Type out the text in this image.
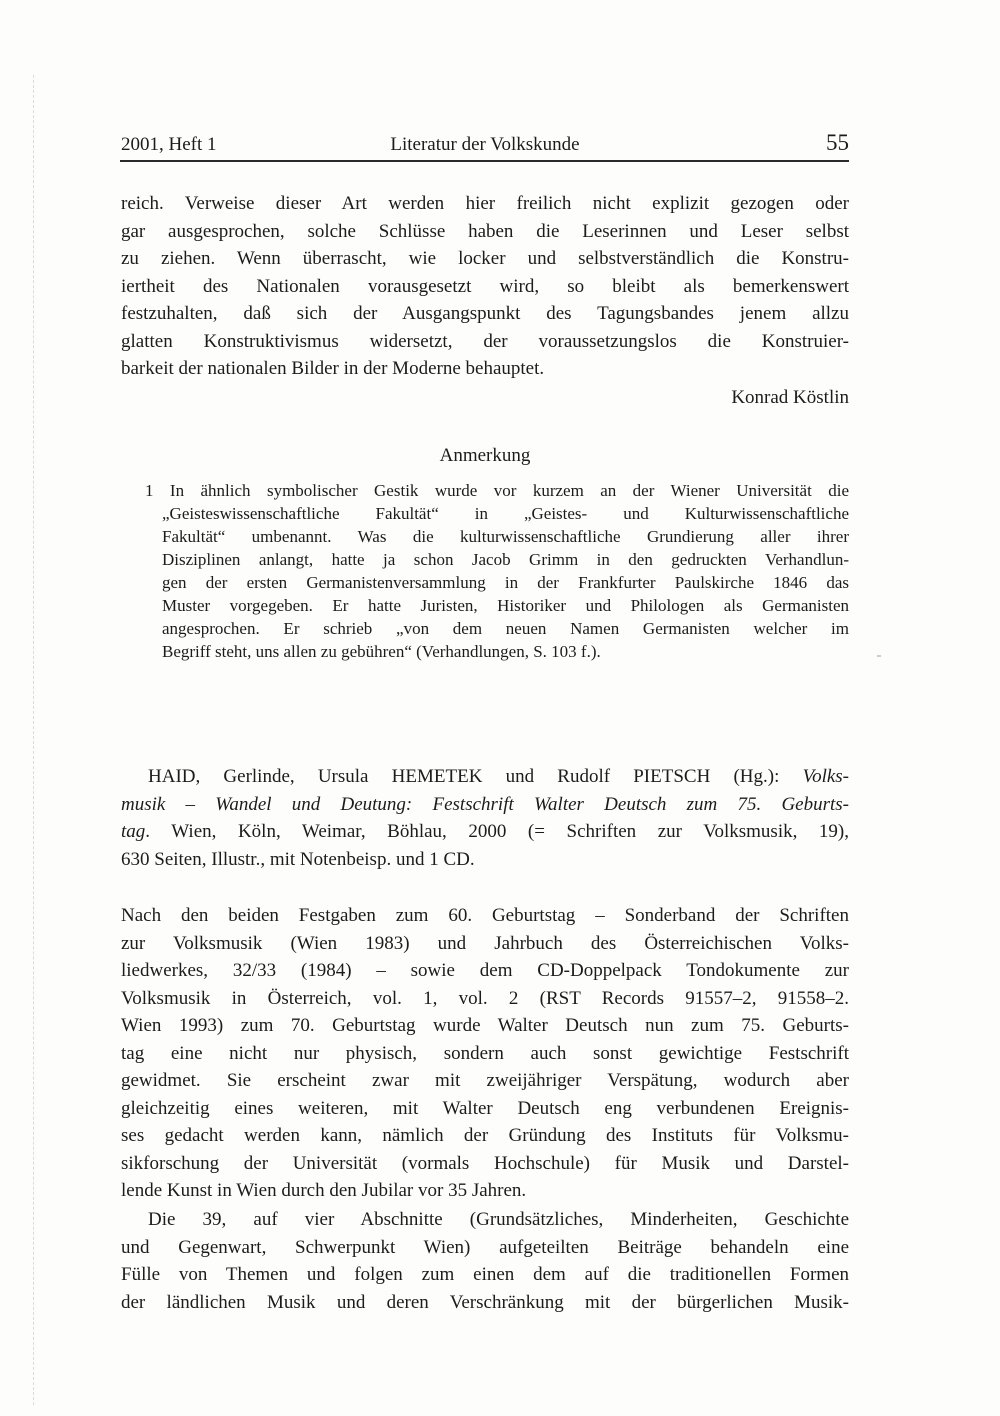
2001, Heft 1	Literatur der Volkskunde	55
reich. Verweise dieser Art werden hier freilich nicht explizit gezogen oder
gar ausgesprochen, solche Schlüsse haben die Leserinnen und Leser selbst
zu ziehen. Wenn überrascht, wie locker und selbstverständlich die Konstru-
iertheit des Nationalen vorausgesetzt wird, so bleibt als bemerkenswert
festzuhalten, daß sich der Ausgangspunkt des Tagungsbandes jenem allzu
glatten Konstruktivismus widersetzt, der voraussetzungslos die Konstruier-
barkeit der nationalen Bilder in der Moderne behauptet.
Konrad Köstlin
Anmerkung
1 In ähnlich symbolischer Gestik wurde vor kurzem an der Wiener Universität die
„Geisteswissenschaftliche Fakultät“ in „Geistes- und Kulturwissenschaftliche
Fakultät“ umbenannt. Was die kulturwissenschaftliche Grundierung aller ihrer
Disziplinen anlangt, hatte ja schon Jacob Grimm in den gedruckten Verhandlun-
gen der ersten Germanistenversammlung in der Frankfurter Paulskirche 1846 das
Muster vorgegeben. Er hatte Juristen, Historiker und Philologen als Germanisten
angesprochen. Er schrieb „von dem neuen Namen Germanisten welcher im
Begriff steht, uns allen zu gebühren“ (Verhandlungen, S. 103 f.).
HAID, Gerlinde, Ursula HEMETEK und Rudolf PIETSCH (Hg.): Volks-
musik – Wandel und Deutung: Festschrift Walter Deutsch zum 75. Geburts-
tag. Wien, Köln, Weimar, Böhlau, 2000 (= Schriften zur Volksmusik, 19),
630 Seiten, Illustr., mit Notenbeisp. und 1 CD.
Nach den beiden Festgaben zum 60. Geburtstag – Sonderband der Schriften
zur Volksmusik (Wien 1983) und Jahrbuch des Österreichischen Volks-
liedwerkes, 32/33 (1984) – sowie dem CD-Doppelpack Tondokumente zur
Volksmusik in Österreich, vol. 1, vol. 2 (RST Records 91557–2, 91558–2.
Wien 1993) zum 70. Geburtstag wurde Walter Deutsch nun zum 75. Geburts-
tag eine nicht nur physisch, sondern auch sonst gewichtige Festschrift
gewidmet. Sie erscheint zwar mit zweijähriger Verspätung, wodurch aber
gleichzeitig eines weiteren, mit Walter Deutsch eng verbundenen Ereignis-
ses gedacht werden kann, nämlich der Gründung des Instituts für Volksmu-
sikforschung der Universität (vormals Hochschule) für Musik und Darstel-
lende Kunst in Wien durch den Jubilar vor 35 Jahren.
Die 39, auf vier Abschnitte (Grundsätzliches, Minderheiten, Geschichte
und Gegenwart, Schwerpunkt Wien) aufgeteilten Beiträge behandeln eine
Fülle von Themen und folgen zum einen dem auf die traditionellen Formen
der ländlichen Musik und deren Verschränkung mit der bürgerlichen Musik-
